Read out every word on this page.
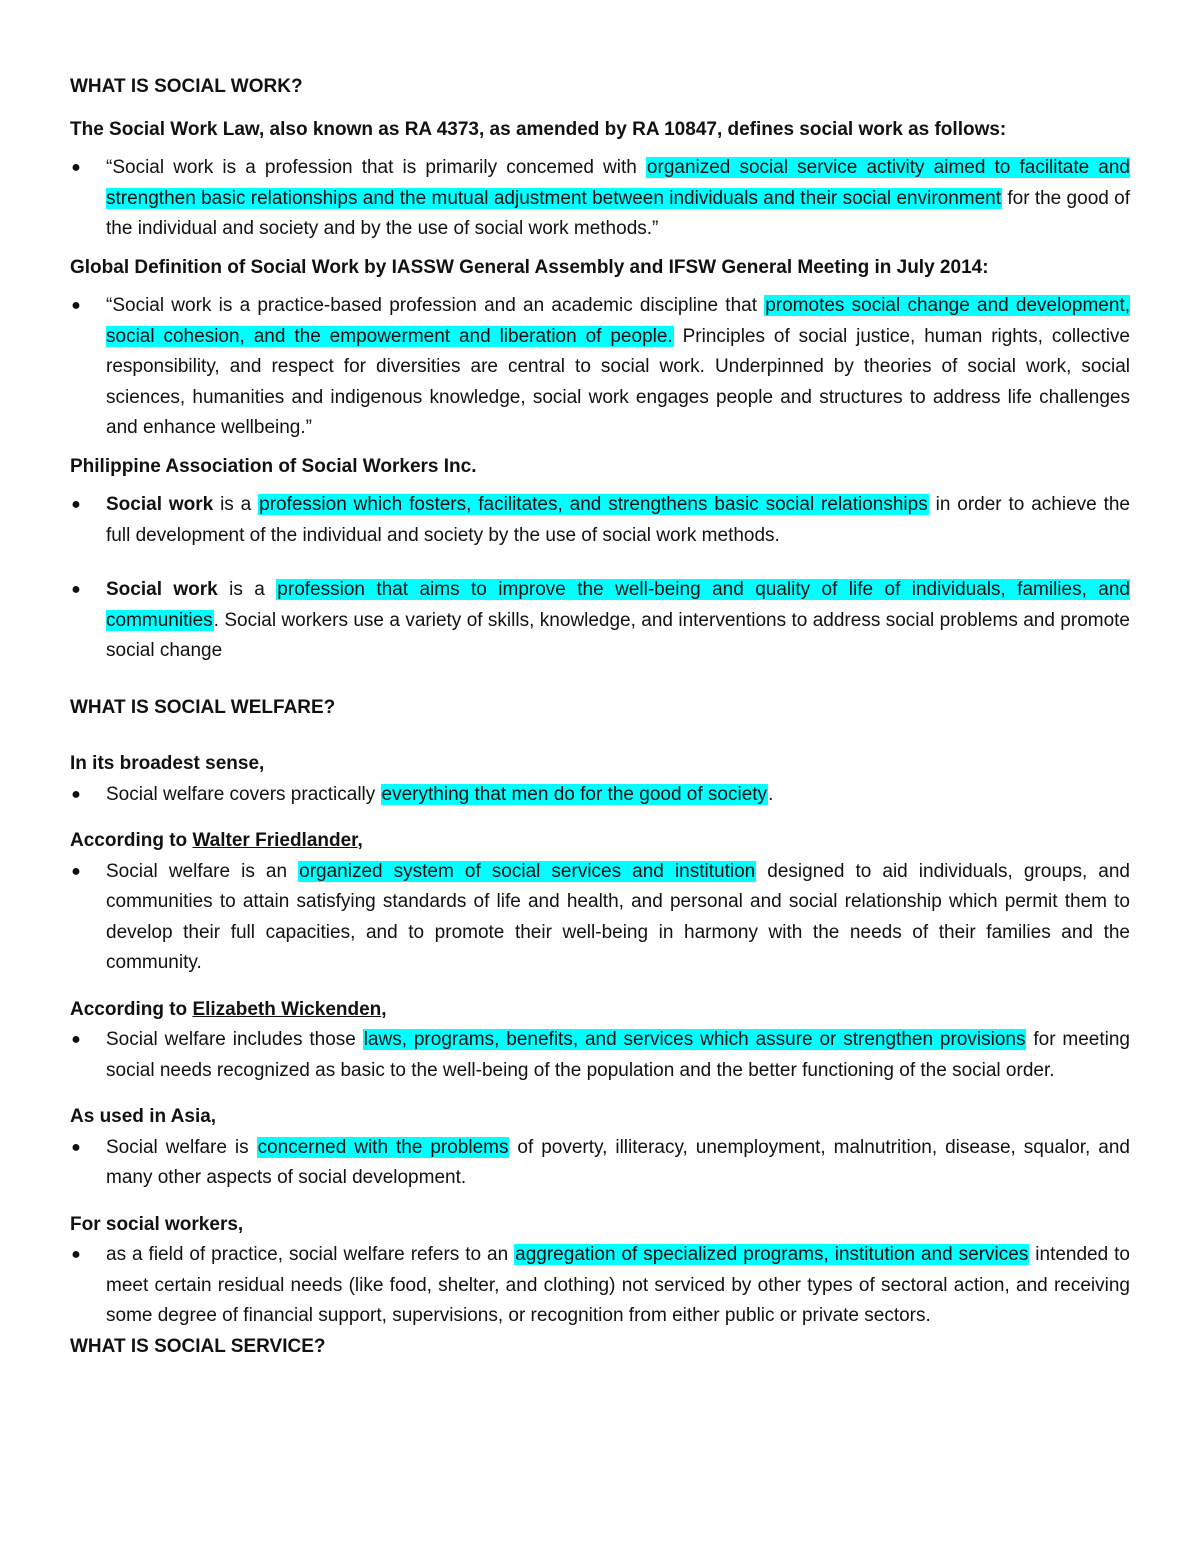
WHAT IS SOCIAL WORK?

The Social Work Law, also known as RA 4373, as amended by RA 10847, defines social work as follows:

● “Social work is a profession that is primarily concemed with organized social service activity aimed to facilitate and strengthen basic relationships and the mutual adjustment between individuals and their social environment for the good of the individual and society and by the use of social work methods.”

Global Definition of Social Work by IASSW General Assembly and IFSW General Meeting in July 2014:

● “Social work is a practice-based profession and an academic discipline that promotes social change and development, social cohesion, and the empowerment and liberation of people. Principles of social justice, human rights, collective responsibility, and respect for diversities are central to social work. Underpinned by theories of social work, social sciences, humanities and indigenous knowledge, social work engages people and structures to address life challenges and enhance wellbeing.”

Philippine Association of Social Workers Inc.

● Social work is a profession which fosters, facilitates, and strengthens basic social relationships in order to achieve the full development of the individual and society by the use of social work methods.
● Social work is a profession that aims to improve the well-being and quality of life of individuals, families, and communities. Social workers use a variety of skills, knowledge, and interventions to address social problems and promote social change

WHAT IS SOCIAL WELFARE?

In its broadest sense,

● Social welfare covers practically everything that men do for the good of society.

According to Walter Friedlander,

● Social welfare is an organized system of social services and institution designed to aid individuals, groups, and communities to attain satisfying standards of life and health, and personal and social relationship which permit them to develop their full capacities, and to promote their well-being in harmony with the needs of their families and the community.

According to Elizabeth Wickenden,

● Social welfare includes those laws, programs, benefits, and services which assure or strengthen provisions for meeting social needs recognized as basic to the well-being of the population and the better functioning of the social order.

As used in Asia,

● Social welfare is concerned with the problems of poverty, illiteracy, unemployment, malnutrition, disease, squalor, and many other aspects of social development.

For social workers,

● as a field of practice, social welfare refers to an aggregation of specialized programs, institution and services intended to meet certain residual needs (like food, shelter, and clothing) not serviced by other types of sectoral action, and receiving some degree of financial support, supervisions, or recognition from either public or private sectors.

WHAT IS SOCIAL SERVICE?
